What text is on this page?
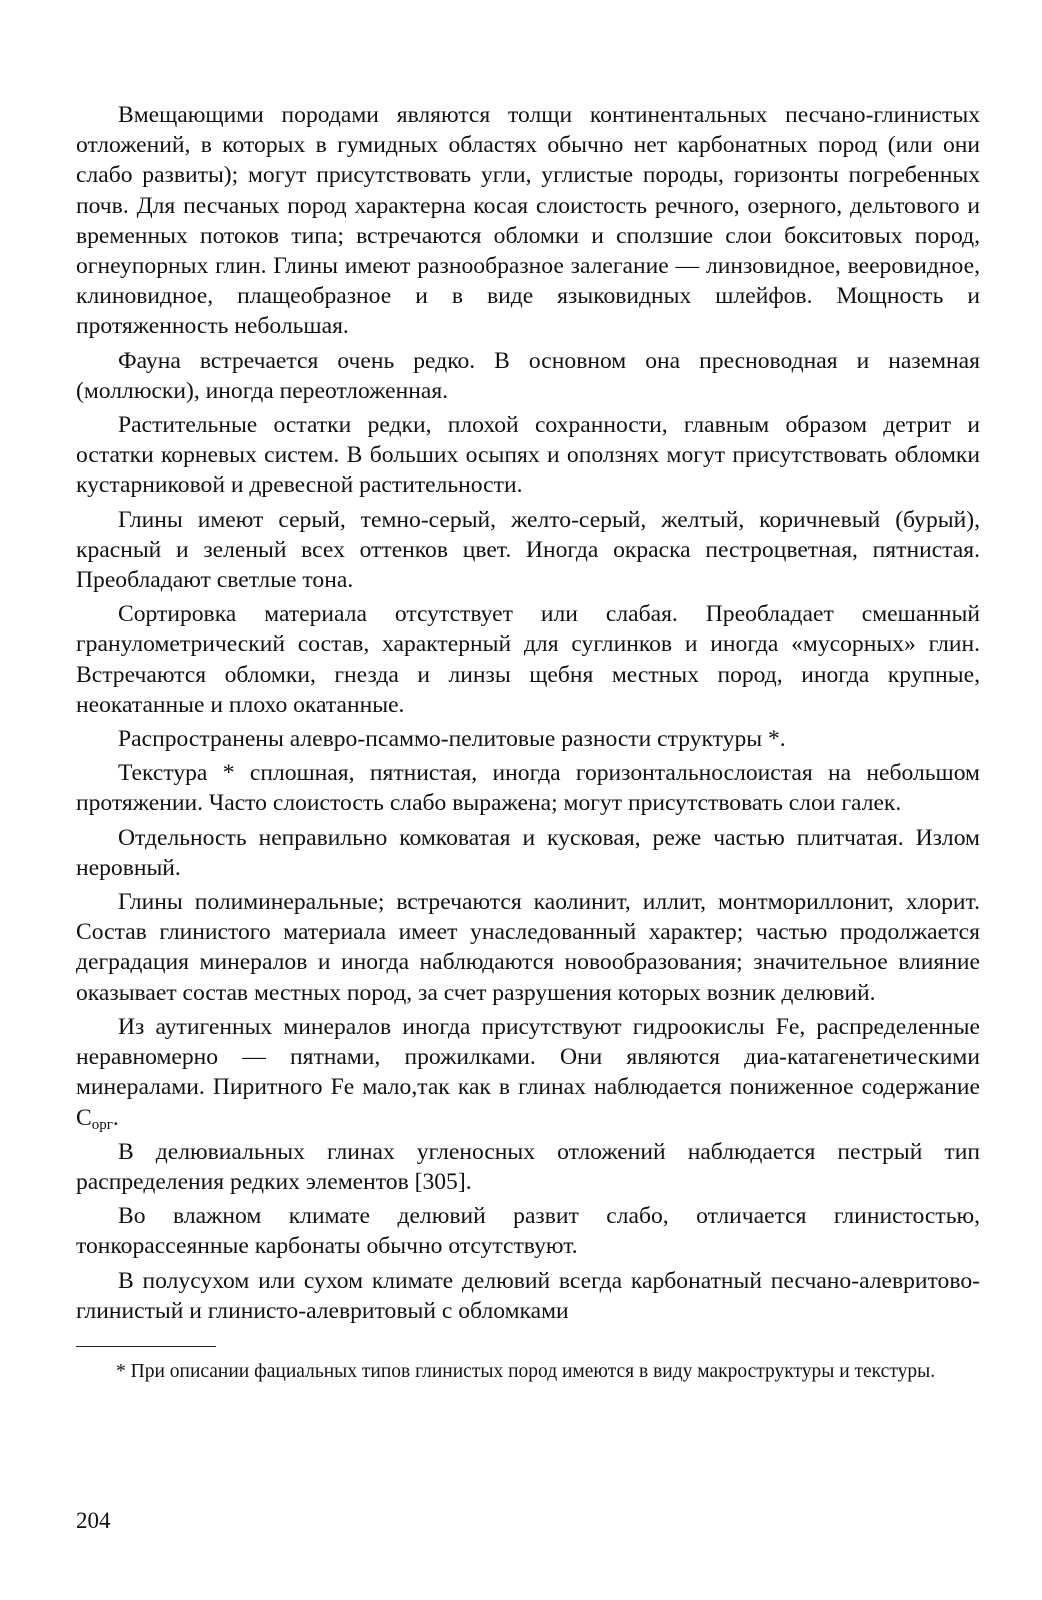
Вмещающими породами являются толщи континентальных песчано-глинистых отложений, в которых в гумидных областях обычно нет карбонатных пород (или они слабо развиты); могут присутствовать угли, углистые породы, горизонты погребенных почв. Для песчаных пород характерна косая слоистость речного, озерного, дельтового и временных потоков типа; встречаются обломки и сползшие слои бокситовых пород, огнеупорных глин. Глины имеют разнообразное залегание — линзовидное, вееровидное, клиновидное, плащеобразное и в виде языковидных шлейфов. Мощность и протяженность небольшая.

Фауна встречается очень редко. В основном она пресноводная и наземная (моллюски), иногда переотложенная.

Растительные остатки редки, плохой сохранности, главным образом детрит и остатки корневых систем. В больших осыпях и оползнях могут присутствовать обломки кустарниковой и древесной растительности.

Глины имеют серый, темно-серый, желто-серый, желтый, коричневый (бурый), красный и зеленый всех оттенков цвет. Иногда окраска пестроцветная, пятнистая. Преобладают светлые тона.

Сортировка материала отсутствует или слабая. Преобладает смешанный гранулометрический состав, характерный для суглинков и иногда «мусорных» глин. Встречаются обломки, гнезда и линзы щебня местных пород, иногда крупные, неокатанные и плохо окатанные.

Распространены алевро-псаммо-пелитовые разности структуры *.

Текстура * сплошная, пятнистая, иногда горизонтальнослоистая на небольшом протяжении. Часто слоистость слабо выражена; могут присутствовать слои галек.

Отдельность неправильно комковатая и кусковая, реже частью плитчатая. Излом неровный.

Глины полиминеральные; встречаются каолинит, иллит, монтмориллонит, хлорит. Состав глинистого материала имеет унаследованный характер; частью продолжается деградация минералов и иногда наблюдаются новообразования; значительное влияние оказывает состав местных пород, за счет разрушения которых возник делювий.

Из аутигенных минералов иногда присутствуют гидроокислы Fe, распределенные неравномерно — пятнами, прожилками. Они являются диа-катагенетическими минералами. Пиритного Fe мало,так как в глинах наблюдается пониженное содержание $C_{орг}$.

В делювиальных глинах угленосных отложений наблюдается пестрый тип распределения редких элементов [305].

Во влажном климате делювий развит слабо, отличается глинистостью, тонкорассеянные карбонаты обычно отсутствуют.

В полусухом или сухом климате делювий всегда карбонатный песчано-алевритово-глинистый и глинисто-алевритовый с обломками

* При описании фациальных типов глинистых пород имеются в виду макроструктуры и текстуры.

204
